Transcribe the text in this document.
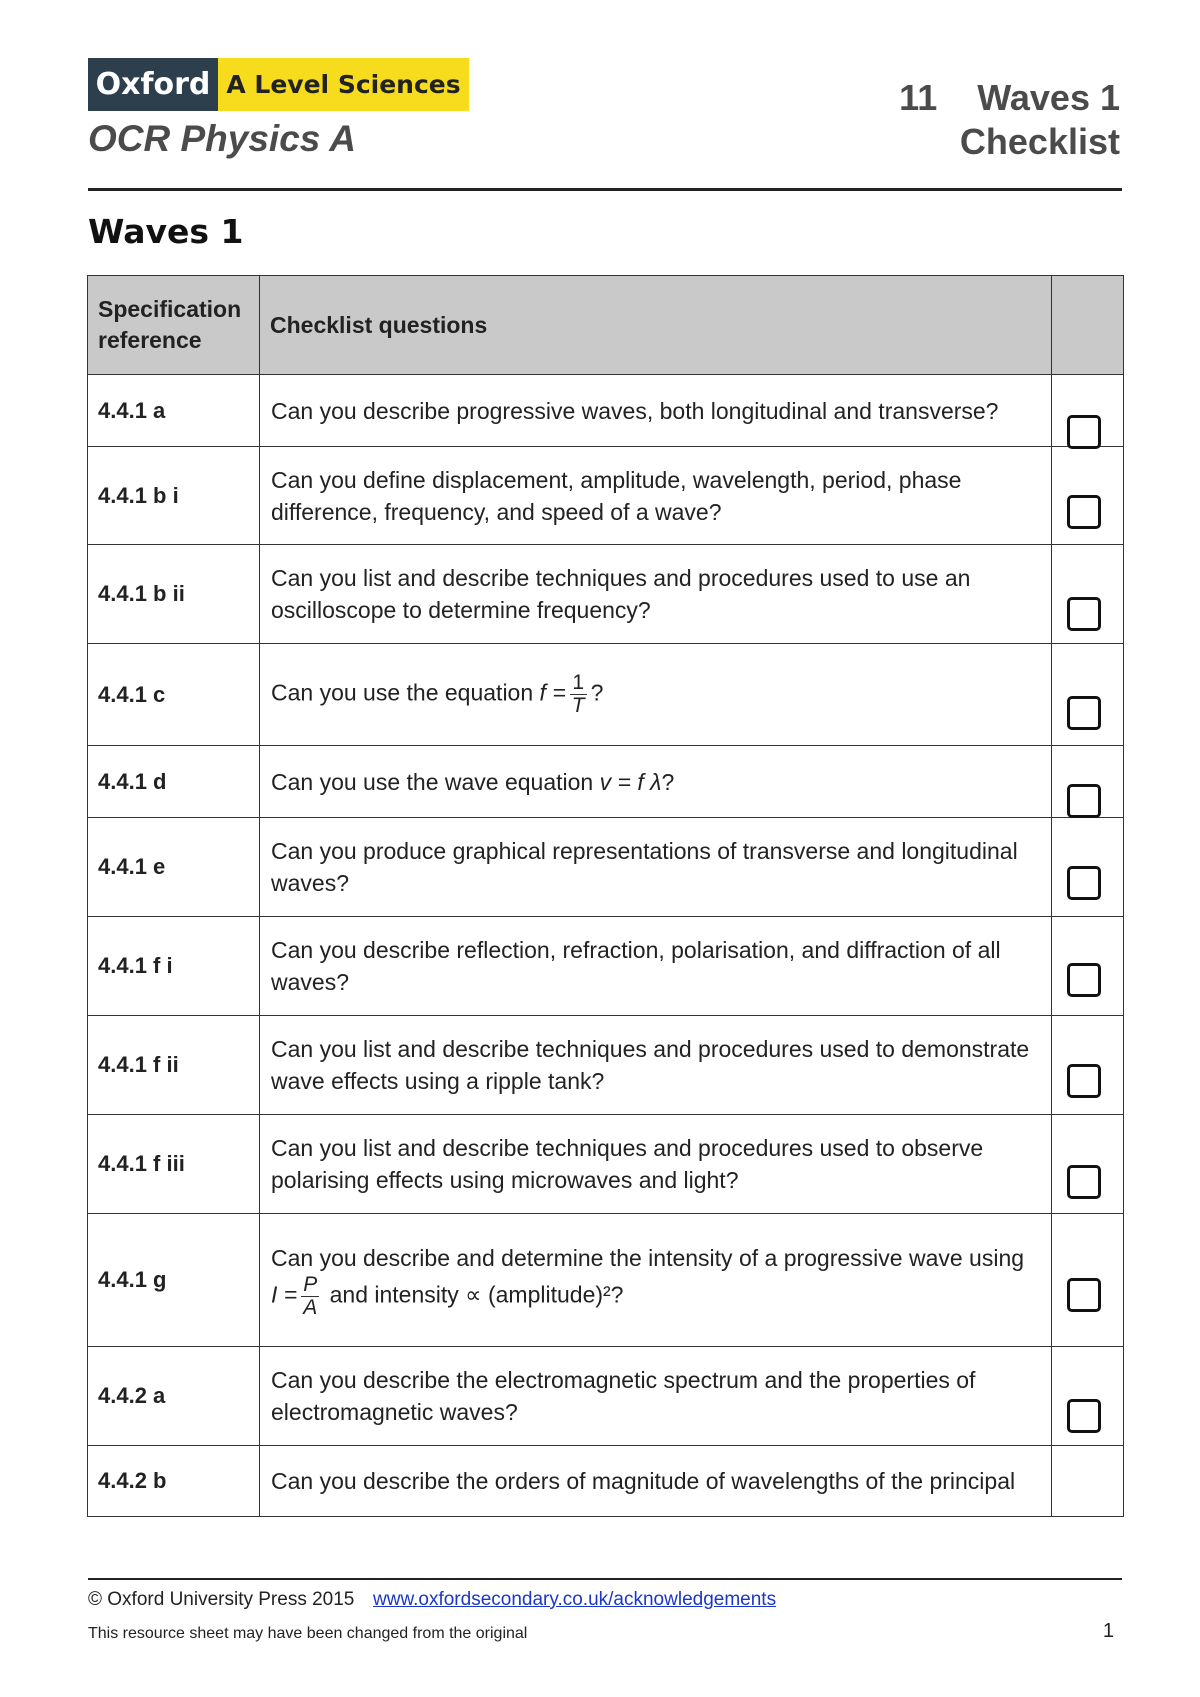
Oxford A Level Sciences
OCR Physics A
11 Waves 1
Checklist
Waves 1
Specification reference	Checklist questions	
4.4.1 a	Can you describe progressive waves, both longitudinal and transverse?	

4.4.1 b i	Can you define displacement, amplitude, wavelength, period, phase difference, frequency, and speed of a wave?	

4.4.1 b ii	Can you list and describe techniques and procedures used to use an oscilloscope to determine frequency?	

4.4.1 c	Can you use the equation $f = \frac{1}{T}$ ?	

4.4.1 d	Can you use the wave equation v = f λ?	

4.4.1 e	Can you produce graphical representations of transverse and longitudinal waves?	

4.4.1 f i	Can you describe reflection, refraction, polarisation, and diffraction of all waves?	

4.4.1 f ii	Can you list and describe techniques and procedures used to demonstrate wave effects using a ripple tank?	

4.4.1 f iii	Can you list and describe techniques and procedures used to observe polarising effects using microwaves and light?	

4.4.1 g	Can you describe and determine the intensity of a progressive wave using
$I = \frac{P}{A}$ and intensity ∝ (amplitude)²?	

4.4.2 a	Can you describe the electromagnetic spectrum and the properties of electromagnetic waves?	

4.4.2 b	Can you describe the orders of magnitude of wavelengths of the principal	
© Oxford University Press 2015 www.oxfordsecondary.co.uk/acknowledgements
This resource sheet may have been changed from the original	1
